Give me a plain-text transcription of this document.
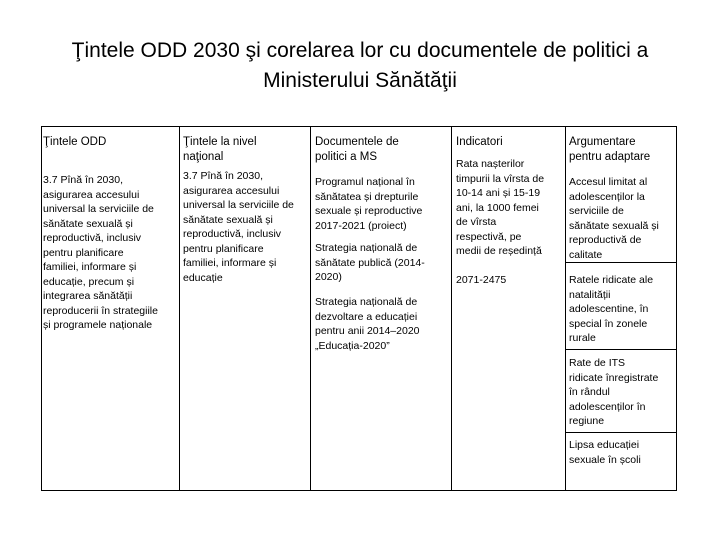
Ţintele ODD 2030 şi corelarea lor cu documentele de politici a Ministerului Sănătăţii
Ţintele ODD
3.7 Pînă în 2030,
asigurarea accesului
universal la serviciile de
sănătate sexuală și
reproductivă, inclusiv
pentru planificare
familiei, informare și
educație, precum și
integrarea sănătății
reproducerii în strategiile
și programele naționale
Ţintele la nivel
naţional
3.7 Pînă în 2030,
asigurarea accesului
universal la serviciile de
sănătate sexuală și
reproductivă, inclusiv
pentru planificare
familiei, informare și
educație
Documentele de
politici a MS
Programul național în
sănătatea și drepturile
sexuale și reproductive
2017-2021 (proiect)
Strategia națională de
sănătate publică (2014-
2020)
Strategia națională de
dezvoltare a educației
pentru anii 2014–2020
„Educația-2020”
Indicatori
Rata nașterilor
timpurii la vîrsta de
10-14 ani și 15-19
ani, la 1000 femei
de vîrsta
respectivă, pe
medii de reședință
2071-2475
Argumentare
pentru adaptare
Accesul limitat al
adolescenților la
serviciile de
sănătate sexuală și
reproductivă de
calitate
Ratele ridicate ale
natalității
adolescentine, în
special în zonele
rurale
Rate de ITS
ridicate înregistrate
în rândul
adolescenților în
regiune
Lipsa educației
sexuale în școli
